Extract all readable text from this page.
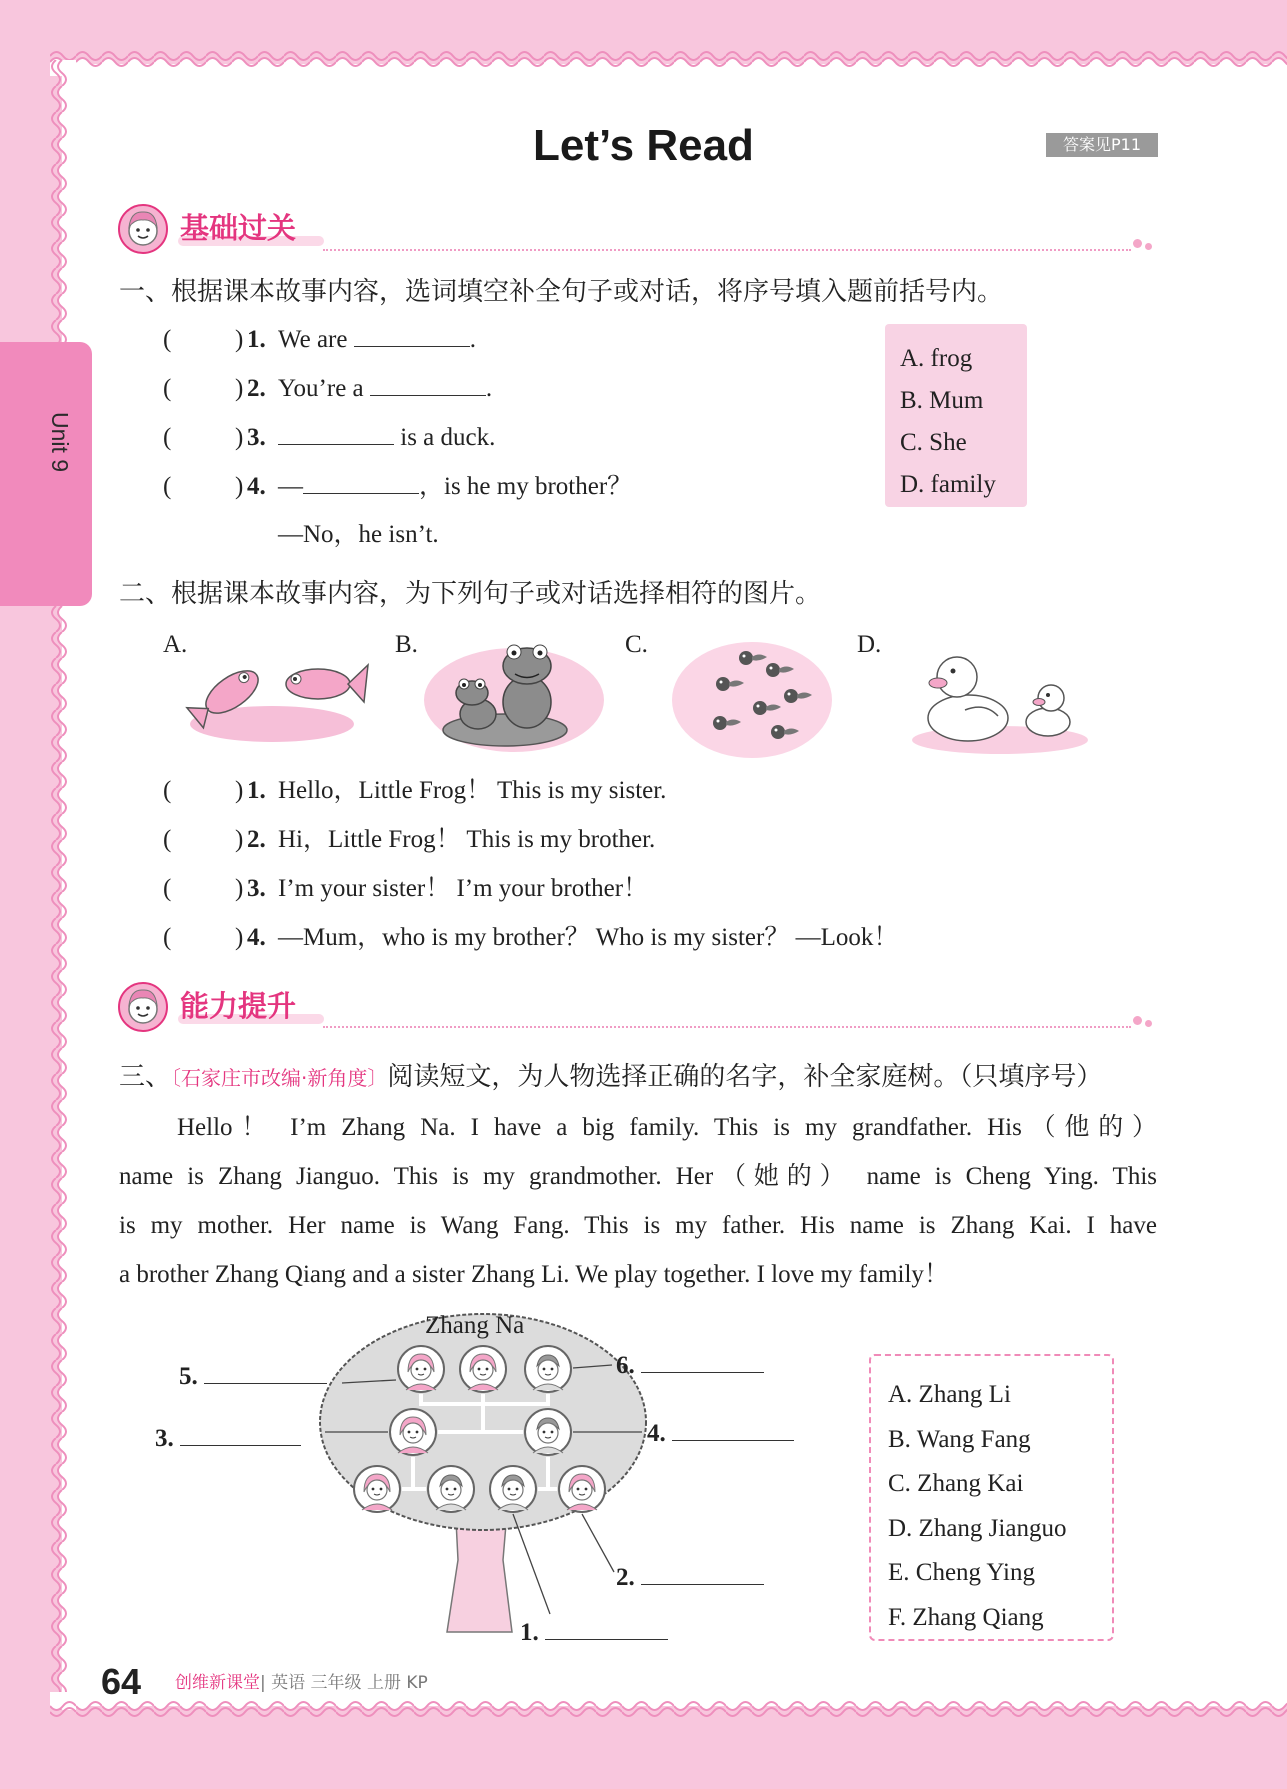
Unit 9
Let’s Read	答案见P11
基础过关
一、根据课本故事内容，选词填空补全句子或对话，将序号填入题前括号内。
(	) 1. We are	.
(	) 2. You’re a	.
(	) 3.	is a duck.
(	) 4. —	，is he my brother？
—No，he isn’t.
A. frog
B. Mum
C. She
D. family
二、根据课本故事内容，为下列句子或对话选择相符的图片。
A.	B.	C.	D.
(	) 1. Hello，Little Frog！ This is my sister.
(	) 2. Hi，Little Frog！ This is my brother.
(	) 3. I’m your sister！ I’m your brother！
(	) 4. —Mum，who is my brother？ Who is my sister？ —Look！
能力提升
三、〔石家庄市改编·新角度〕阅读短文，为人物选择正确的名字，补全家庭树。（只填序号）
Hello！ I’m Zhang Na. I have a big family. This is my grandfather. His（他的）
name is Zhang Jianguo. This is my grandmother. Her（她的） name is Cheng Ying. This
is my mother. Her name is Wang Fang. This is my father. His name is Zhang Kai. I have
a brother Zhang Qiang and a sister Zhang Li. We play together. I love my family！
Zhang Na
5.
3.
6.
4.
2.
1.
A. Zhang Li
B. Wang Fang
C. Zhang Kai
D. Zhang Jianguo
E. Cheng Ying
F. Zhang Qiang
64 创维新课堂| 英语 三年级 上册 KP
